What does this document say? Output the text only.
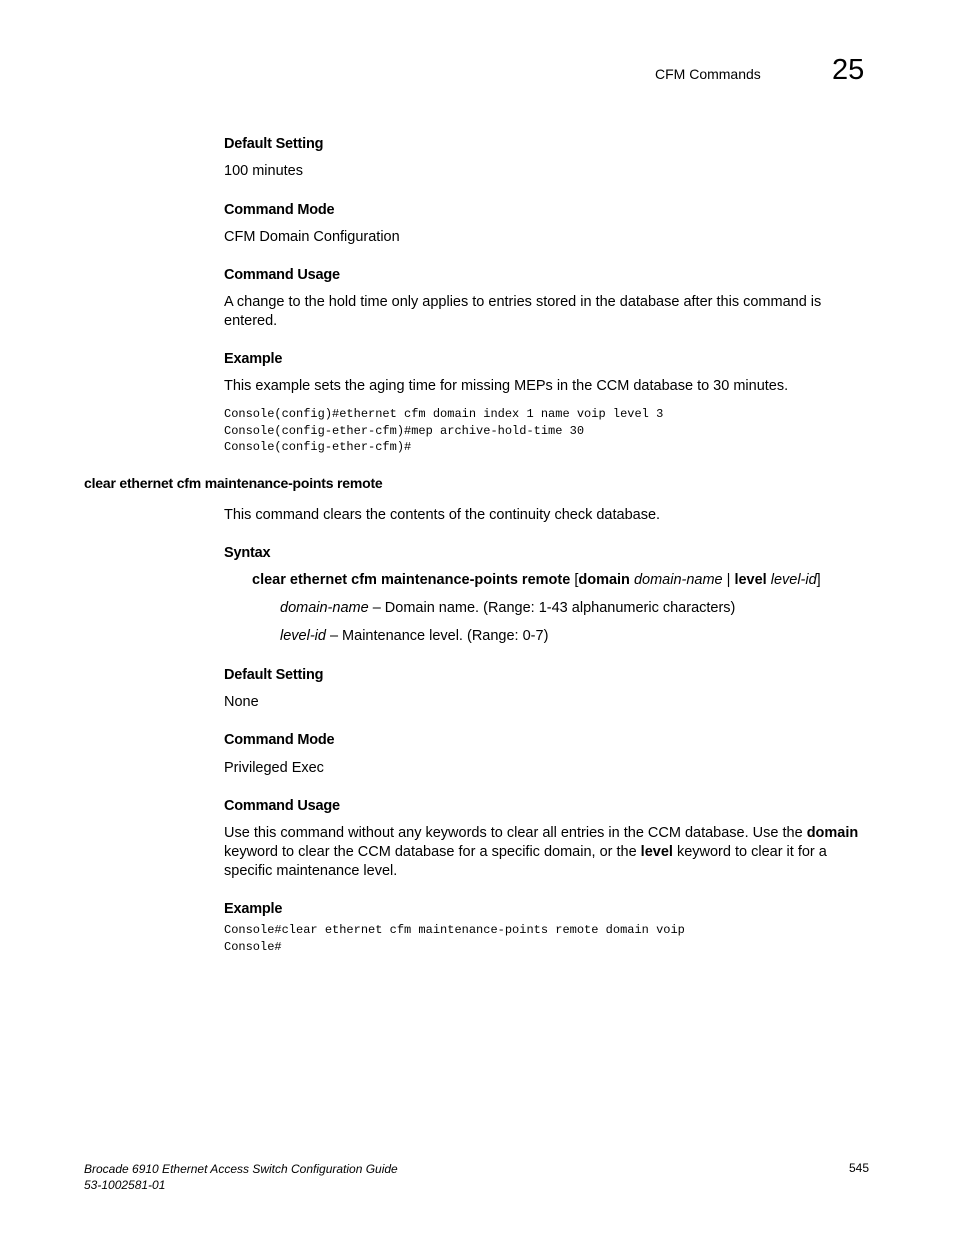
CFM Commands 25
Default Setting
100 minutes
Command Mode
CFM Domain Configuration
Command Usage
A change to the hold time only applies to entries stored in the database after this command is entered.
Example
This example sets the aging time for missing MEPs in the CCM database to 30 minutes.
Console(config)#ethernet cfm domain index 1 name voip level 3
Console(config-ether-cfm)#mep archive-hold-time 30
Console(config-ether-cfm)#
clear ethernet cfm maintenance-points remote
This command clears the contents of the continuity check database.
Syntax
clear ethernet cfm maintenance-points remote [domain domain-name | level level-id]
domain-name – Domain name. (Range: 1-43 alphanumeric characters)
level-id – Maintenance level. (Range: 0-7)
Default Setting
None
Command Mode
Privileged Exec
Command Usage
Use this command without any keywords to clear all entries in the CCM database. Use the domain keyword to clear the CCM database for a specific domain, or the level keyword to clear it for a specific maintenance level.
Example
Console#clear ethernet cfm maintenance-points remote domain voip
Console#
Brocade 6910 Ethernet Access Switch Configuration Guide
53-1002581-01
545
